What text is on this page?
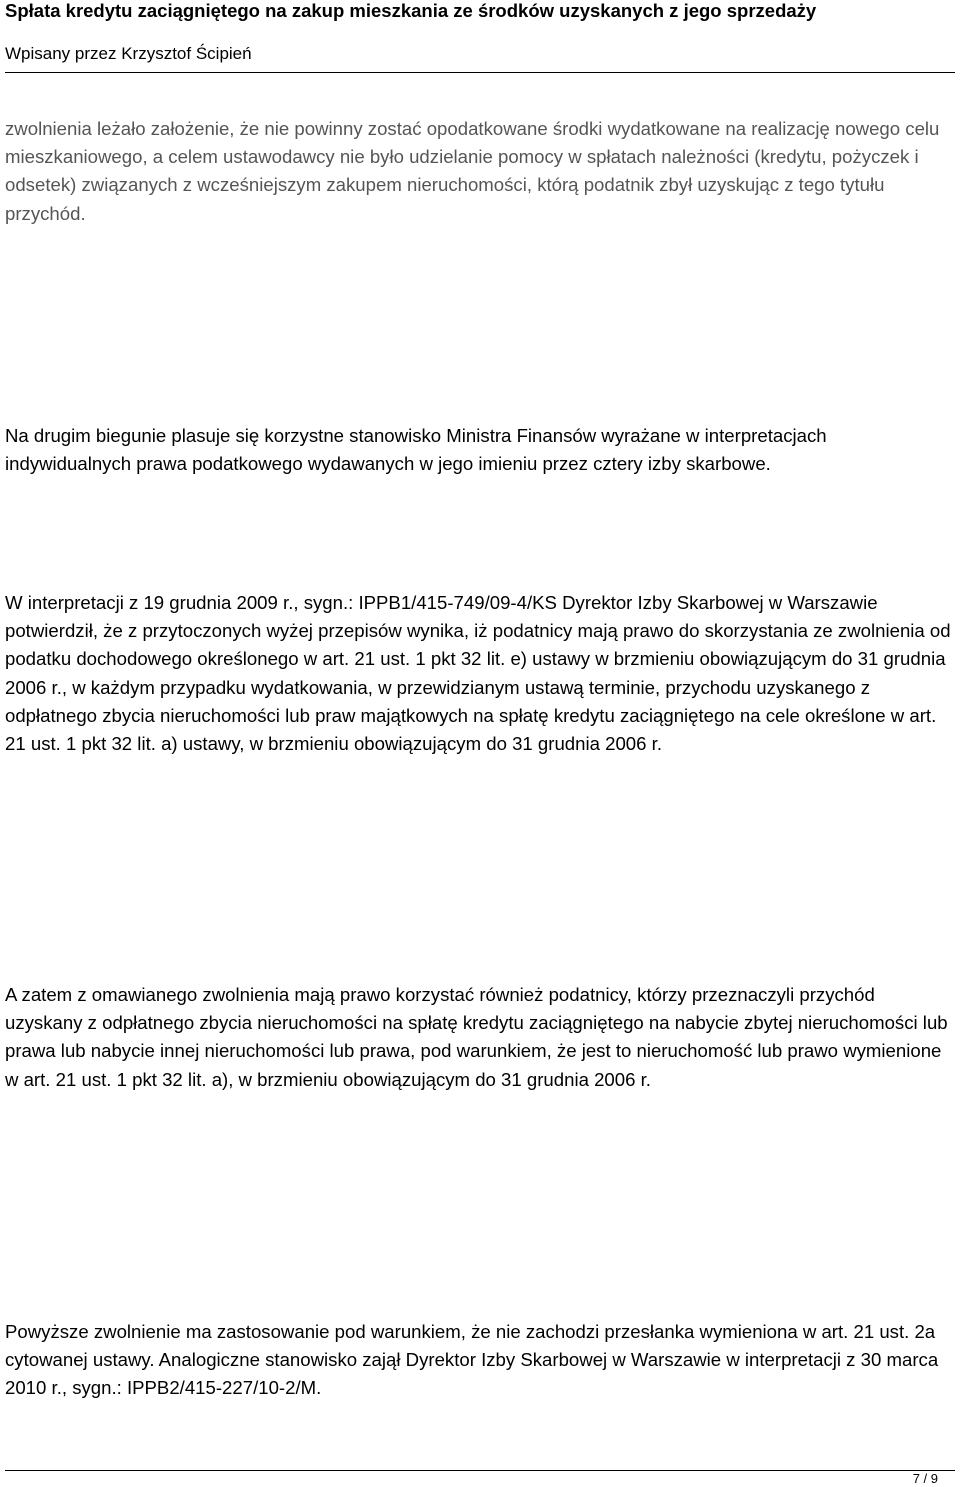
Spłata kredytu zaciągniętego na zakup mieszkania ze środków uzyskanych z jego sprzedaży
Wpisany przez Krzysztof Ścipień

zwolnienia leżało założenie, że nie powinny zostać opodatkowane środki wydatkowane na realizację nowego celu mieszkaniowego, a celem ustawodawcy nie było udzielanie pomocy w spłatach należności (kredytu, pożyczek i odsetek) związanych z wcześniejszym zakupem nieruchomości, którą podatnik zbył uzyskując z tego tytułu przychód.

Na drugim biegunie plasuje się korzystne stanowisko Ministra Finansów wyrażane w interpretacjach indywidualnych prawa podatkowego wydawanych w jego imieniu przez cztery izby skarbowe.

W interpretacji z 19 grudnia 2009 r., sygn.: IPPB1/415-749/09-4/KS Dyrektor Izby Skarbowej w Warszawie potwierdził, że z przytoczonych wyżej przepisów wynika, iż podatnicy mają prawo do skorzystania ze zwolnienia od podatku dochodowego określonego w art. 21 ust. 1 pkt 32 lit. e) ustawy w brzmieniu obowiązującym do 31 grudnia 2006 r., w każdym przypadku wydatkowania, w przewidzianym ustawą terminie, przychodu uzyskanego z odpłatnego zbycia nieruchomości lub praw majątkowych na spłatę kredytu zaciągniętego na cele określone w art. 21 ust. 1 pkt 32 lit. a) ustawy, w brzmieniu obowiązującym do 31 grudnia 2006 r.

A zatem z omawianego zwolnienia mają prawo korzystać również podatnicy, którzy przeznaczyli przychód uzyskany z odpłatnego zbycia nieruchomości na spłatę kredytu zaciągniętego na nabycie zbytej nieruchomości lub prawa lub nabycie innej nieruchomości lub prawa, pod warunkiem, że jest to nieruchomość lub prawo wymienione w art. 21 ust. 1 pkt 32 lit. a), w brzmieniu obowiązującym do 31 grudnia 2006 r.

Powyższe zwolnienie ma zastosowanie pod warunkiem, że nie zachodzi przesłanka wymieniona w art. 21 ust. 2a cytowanej ustawy. Analogiczne stanowisko zajął Dyrektor Izby Skarbowej w Warszawie w interpretacji z 30 marca 2010 r., sygn.: IPPB2/415-227/10-2/M.

7 / 9
